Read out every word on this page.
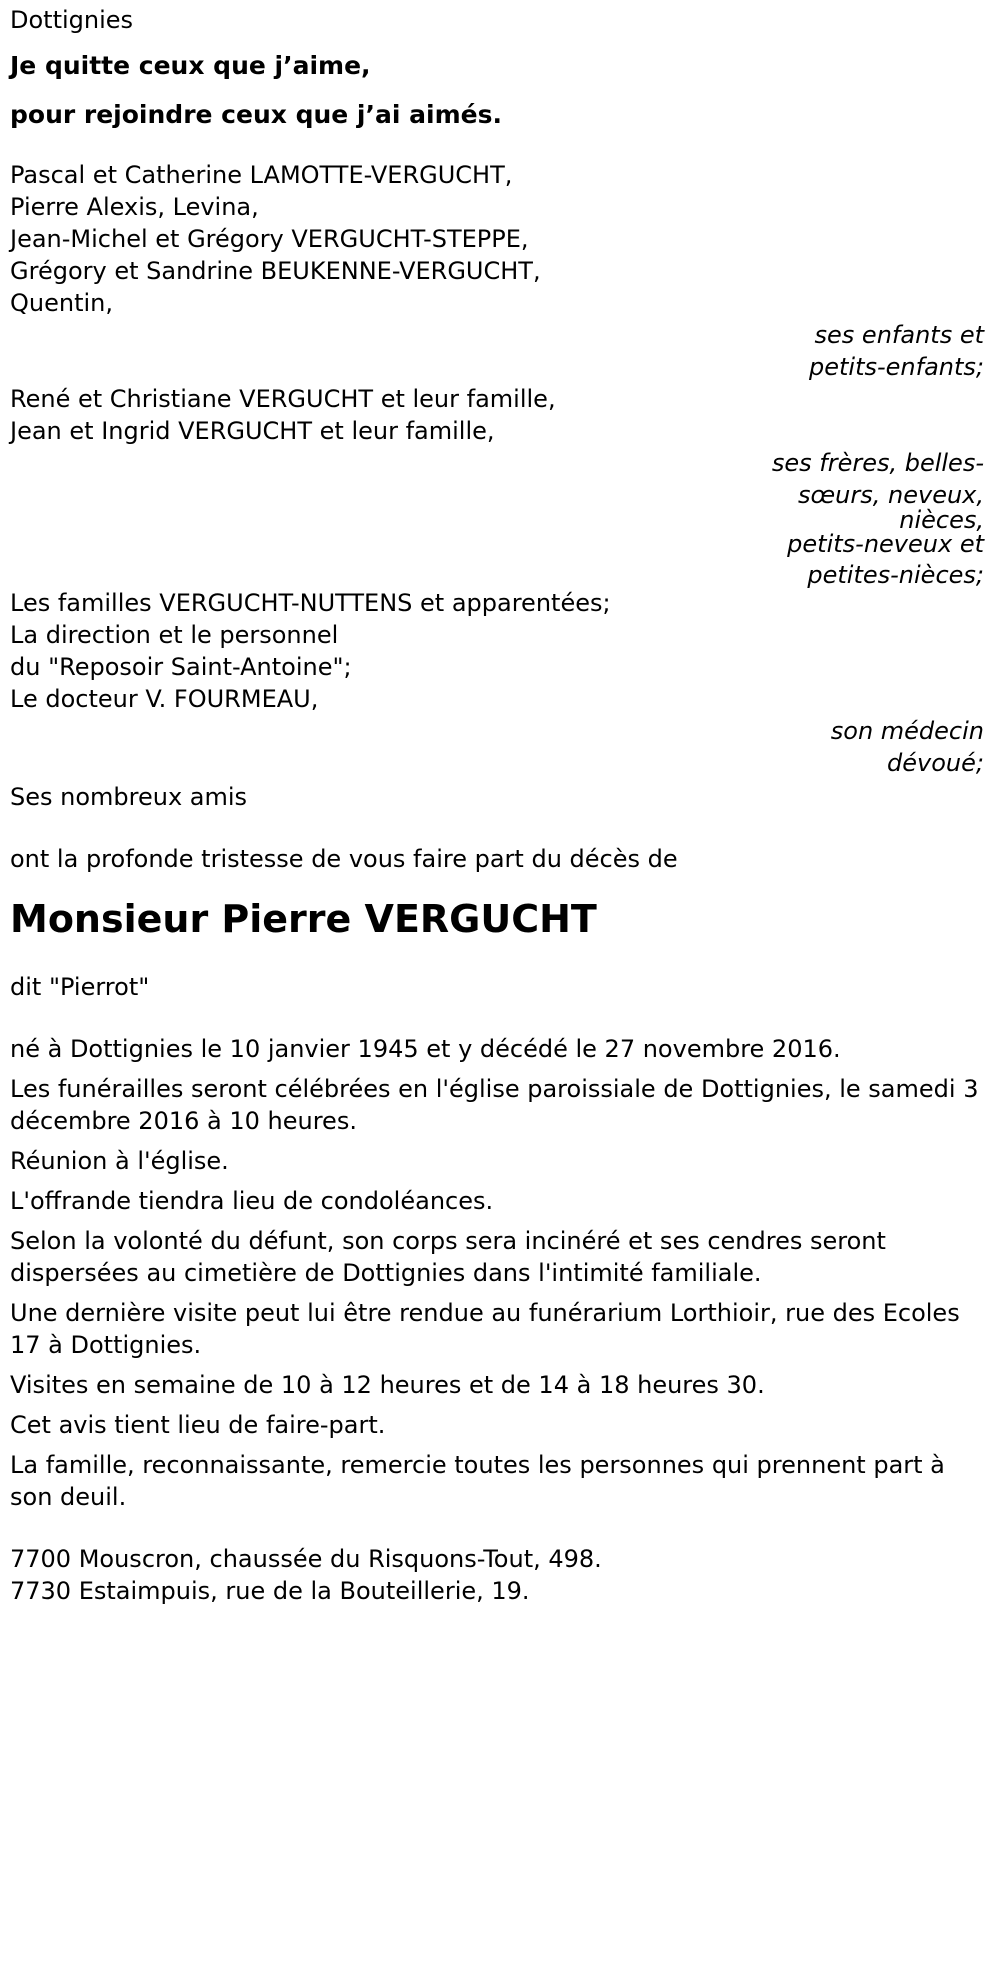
Dottignies
Je quitte ceux que j’aime,
pour rejoindre ceux que j’ai aimés.
Pascal et Catherine LAMOTTE-VERGUCHT,
Pierre Alexis, Levina,
Jean-Michel et Grégory VERGUCHT-STEPPE,
Grégory et Sandrine BEUKENNE-VERGUCHT,
Quentin,
ses enfants et
petits-enfants;
René et Christiane VERGUCHT et leur famille,
Jean et Ingrid VERGUCHT et leur famille,
ses frères, belles-
sœurs, neveux,
nièces,
petits-neveux et
petites-nièces;
Les familles VERGUCHT-NUTTENS et apparentées;
La direction et le personnel
du "Reposoir Saint-Antoine";
Le docteur V. FOURMEAU,
son médecin
dévoué;
Ses nombreux amis
ont la profonde tristesse de vous faire part du décès de
Monsieur Pierre VERGUCHT
dit "Pierrot"
né à Dottignies le 10 janvier 1945 et y décédé le 27 novembre 2016.
Les funérailles seront célébrées en l'église paroissiale de Dottignies, le samedi 3 décembre 2016 à 10 heures.
Réunion à l'église.
L'offrande tiendra lieu de condoléances.
Selon la volonté du défunt, son corps sera incinéré et ses cendres seront dispersées au cimetière de Dottignies dans l'intimité familiale.
Une dernière visite peut lui être rendue au funérarium Lorthioir, rue des Ecoles 17 à Dottignies.
Visites en semaine de 10 à 12 heures et de 14 à 18 heures 30.
Cet avis tient lieu de faire-part.
La famille, reconnaissante, remercie toutes les personnes qui prennent part à son deuil.
7700 Mouscron, chaussée du Risquons-Tout, 498.
7730 Estaimpuis, rue de la Bouteillerie, 19.
